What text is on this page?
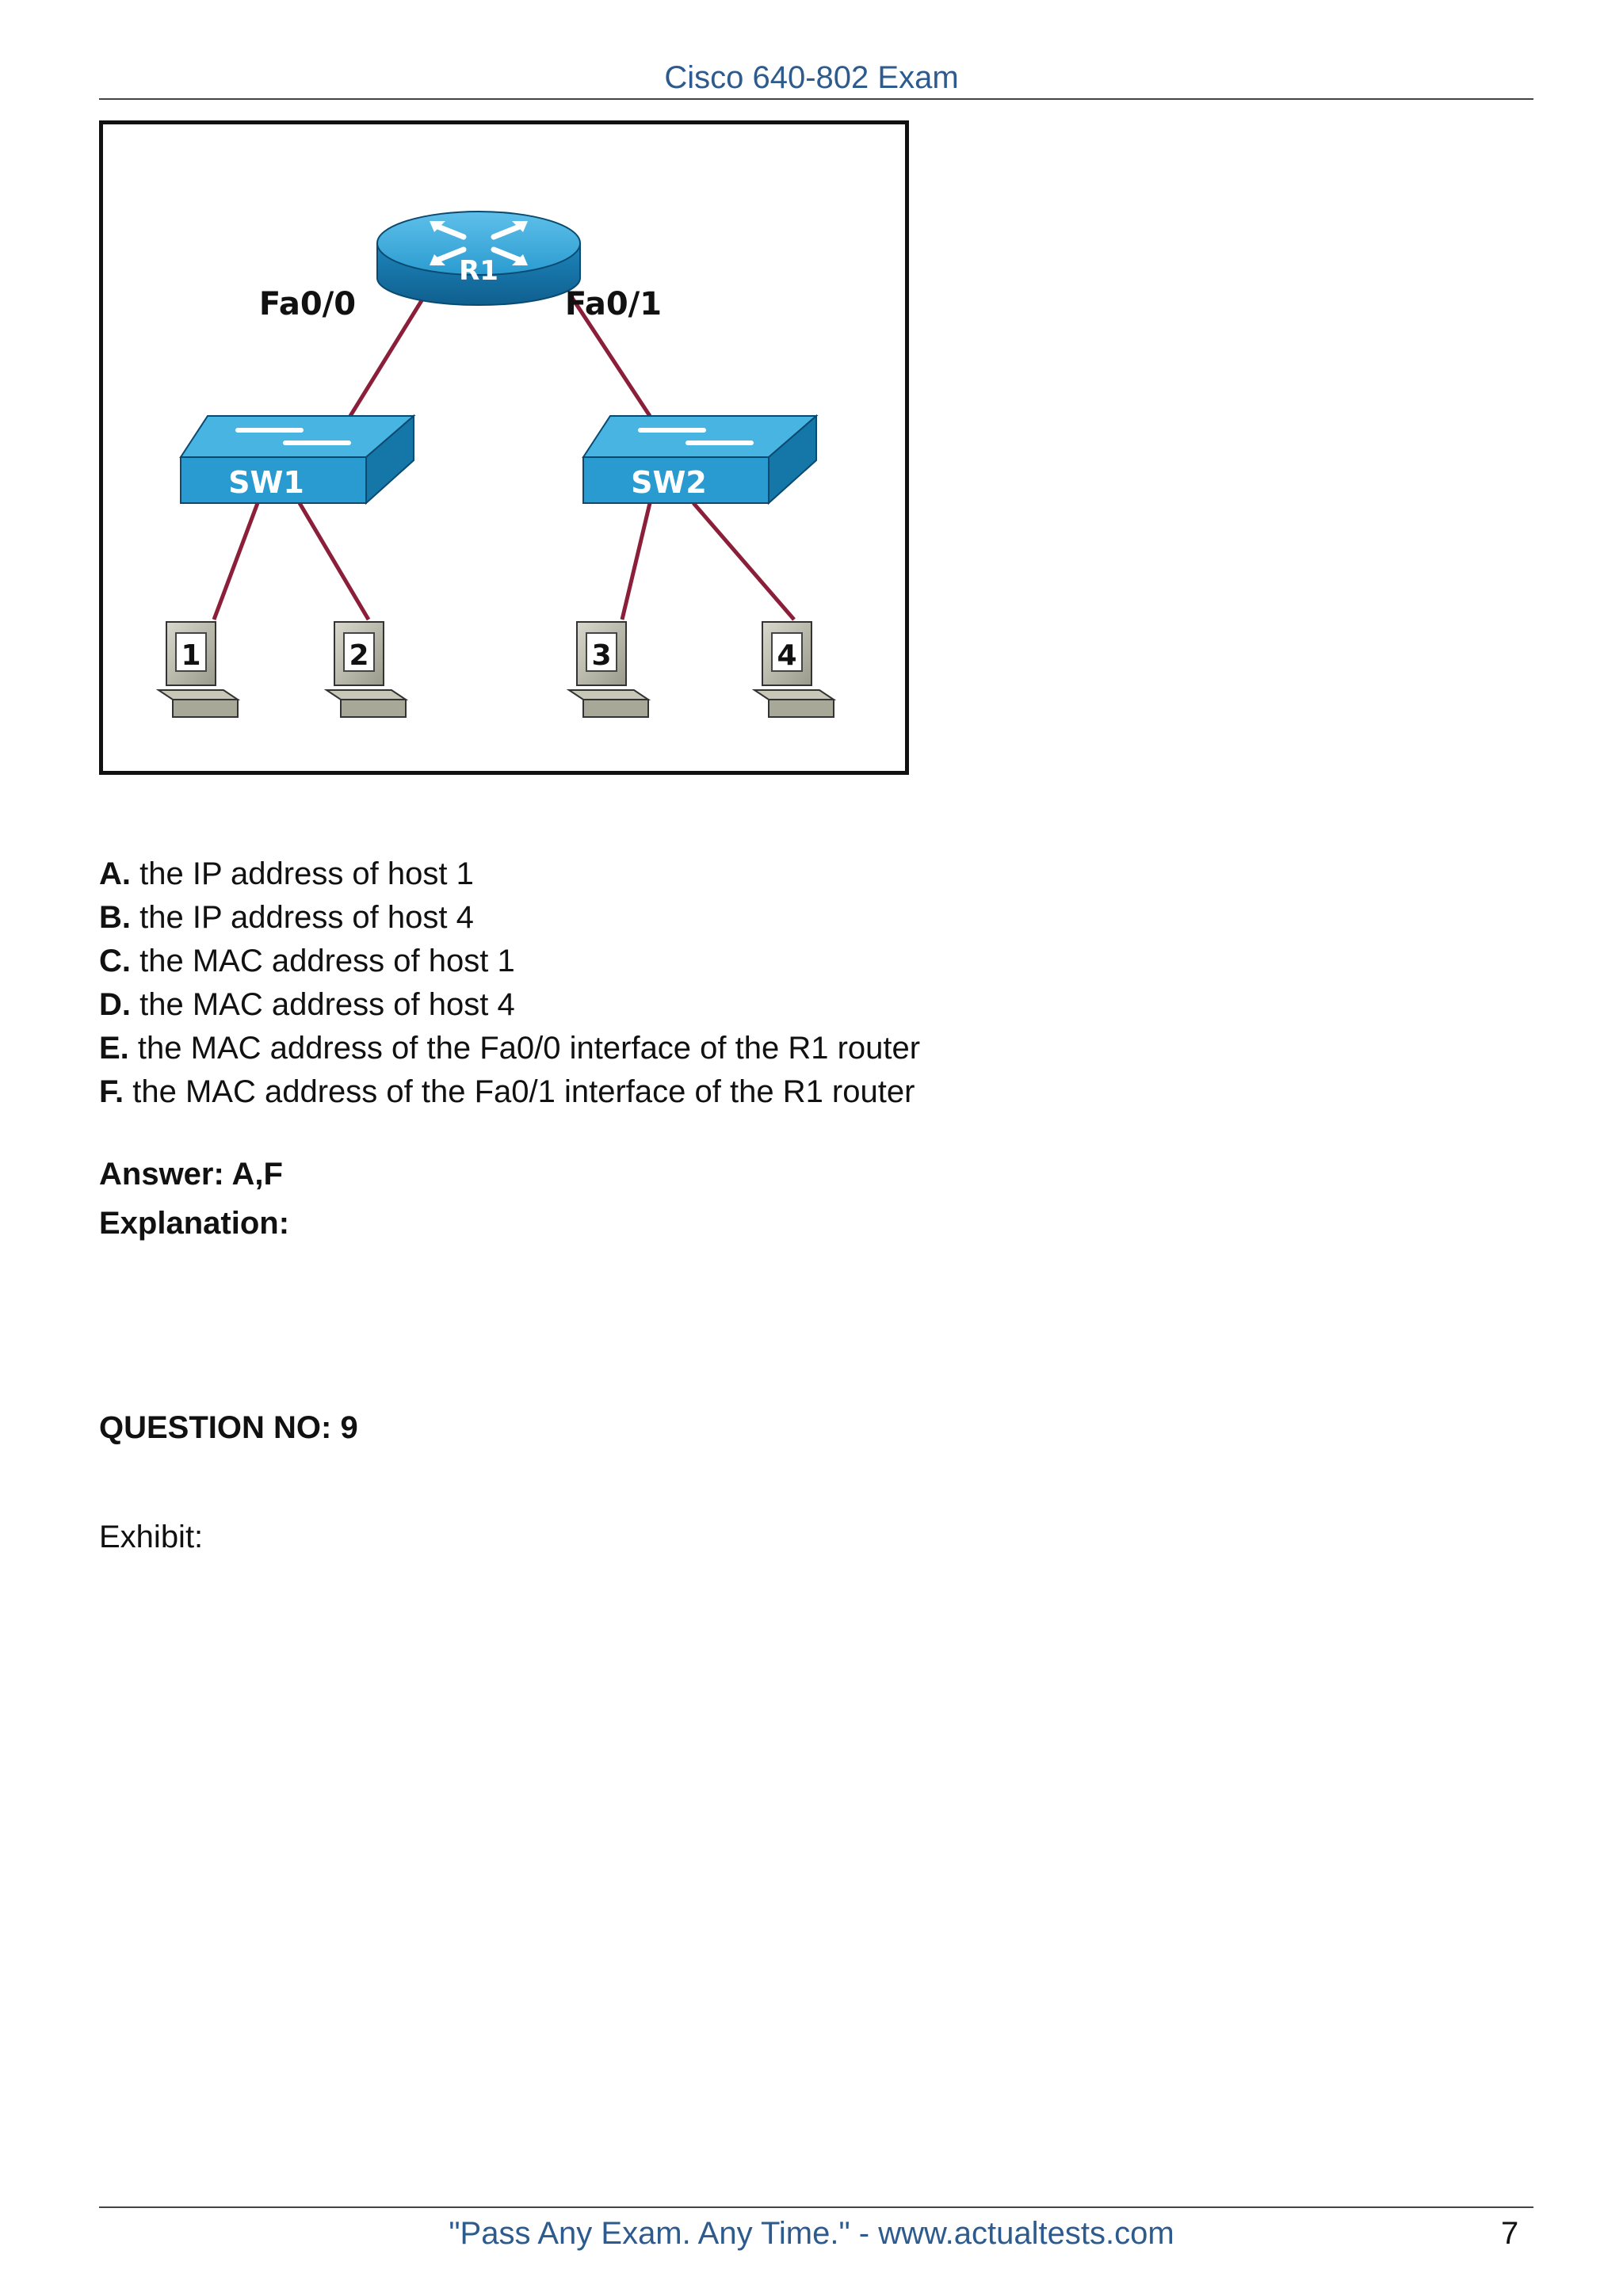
Cisco 640-802 Exam
R1
Fa0/0	Fa0/1
SW1	SW2
1	2	3	4
A. the IP address of host 1
B. the IP address of host 4
C. the MAC address of host 1
D. the MAC address of host 4
E. the MAC address of the Fa0/0 interface of the R1 router
F. the MAC address of the Fa0/1 interface of the R1 router
Answer: A,F
Explanation:
QUESTION NO: 9
Exhibit:
"Pass Any Exam. Any Time." - www.actualtests.com	7
